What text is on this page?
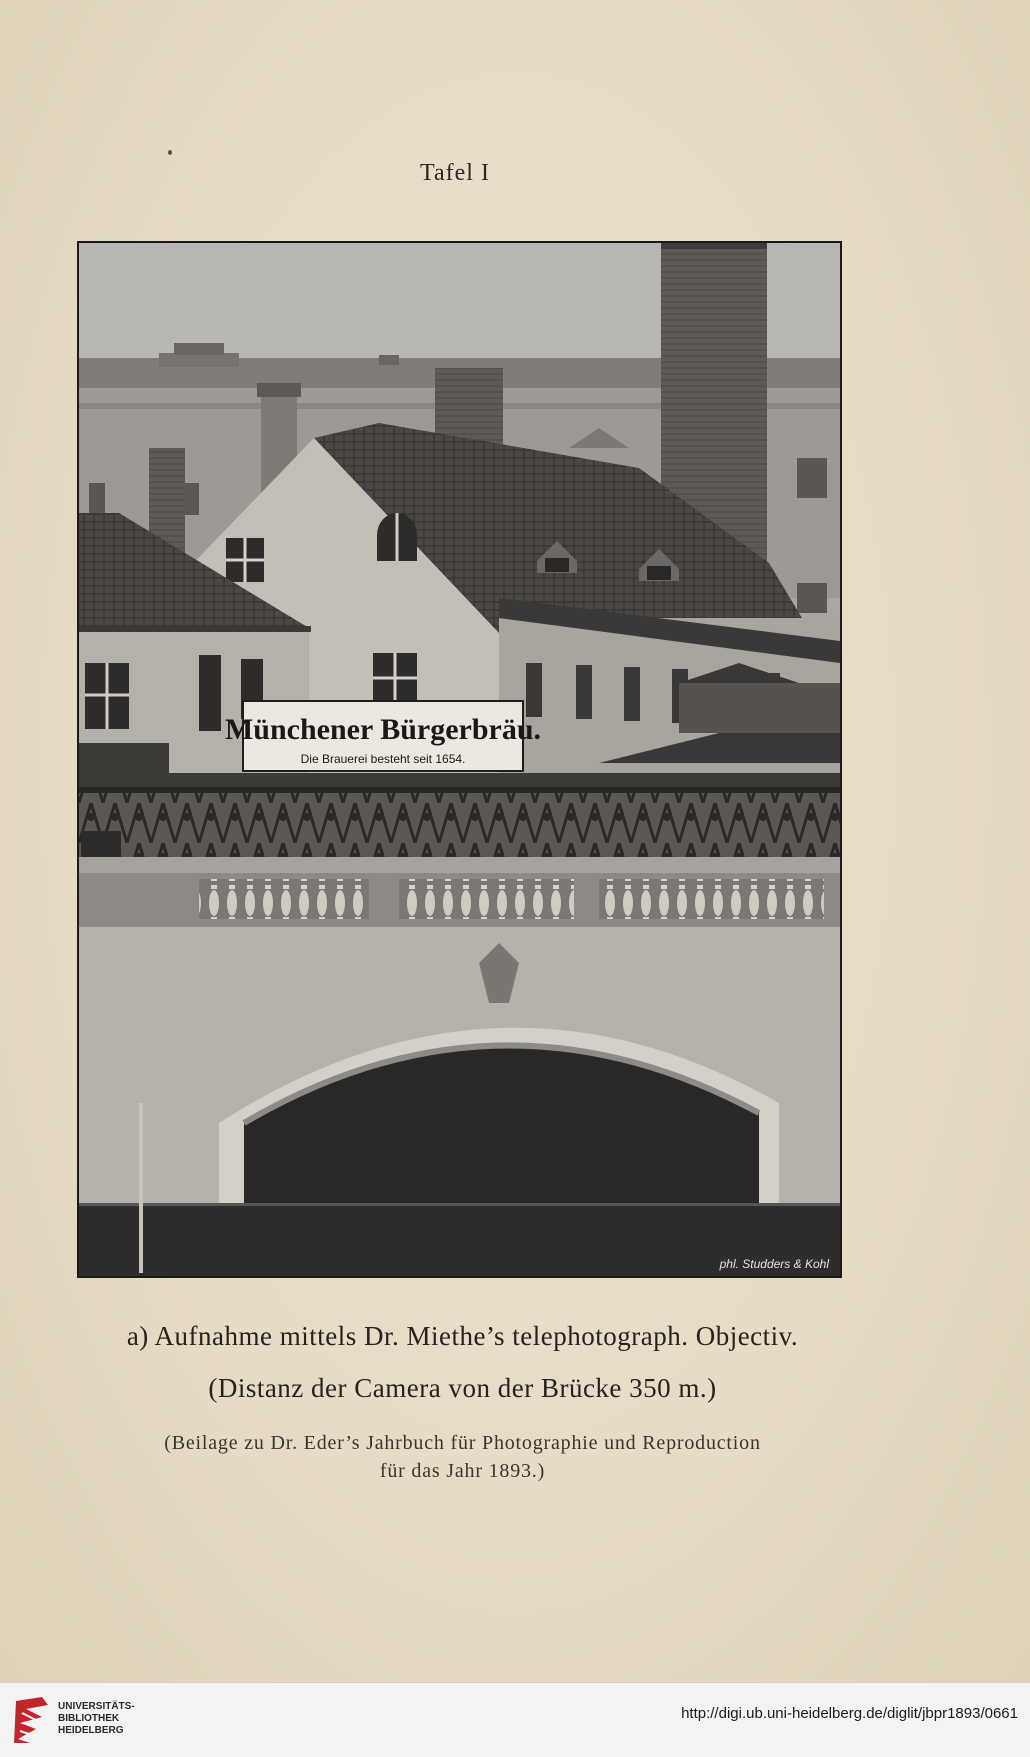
Tafel I
Münchener Bürgerbräu.
Die Brauerei besteht seit 1654.
phl. Studders & Kohl
a) Aufnahme mittels Dr. Miethe’s telephotograph. Objectiv.
(Distanz der Camera von der Brücke 350 m.)
(Beilage zu Dr. Eder’s Jahrbuch für Photographie und Reproduction
für das Jahr 1893.)
UNIVERSITÄTS-
BIBLIOTHEK
HEIDELBERG
http://digi.ub.uni-heidelberg.de/diglit/jbpr1893/0661
